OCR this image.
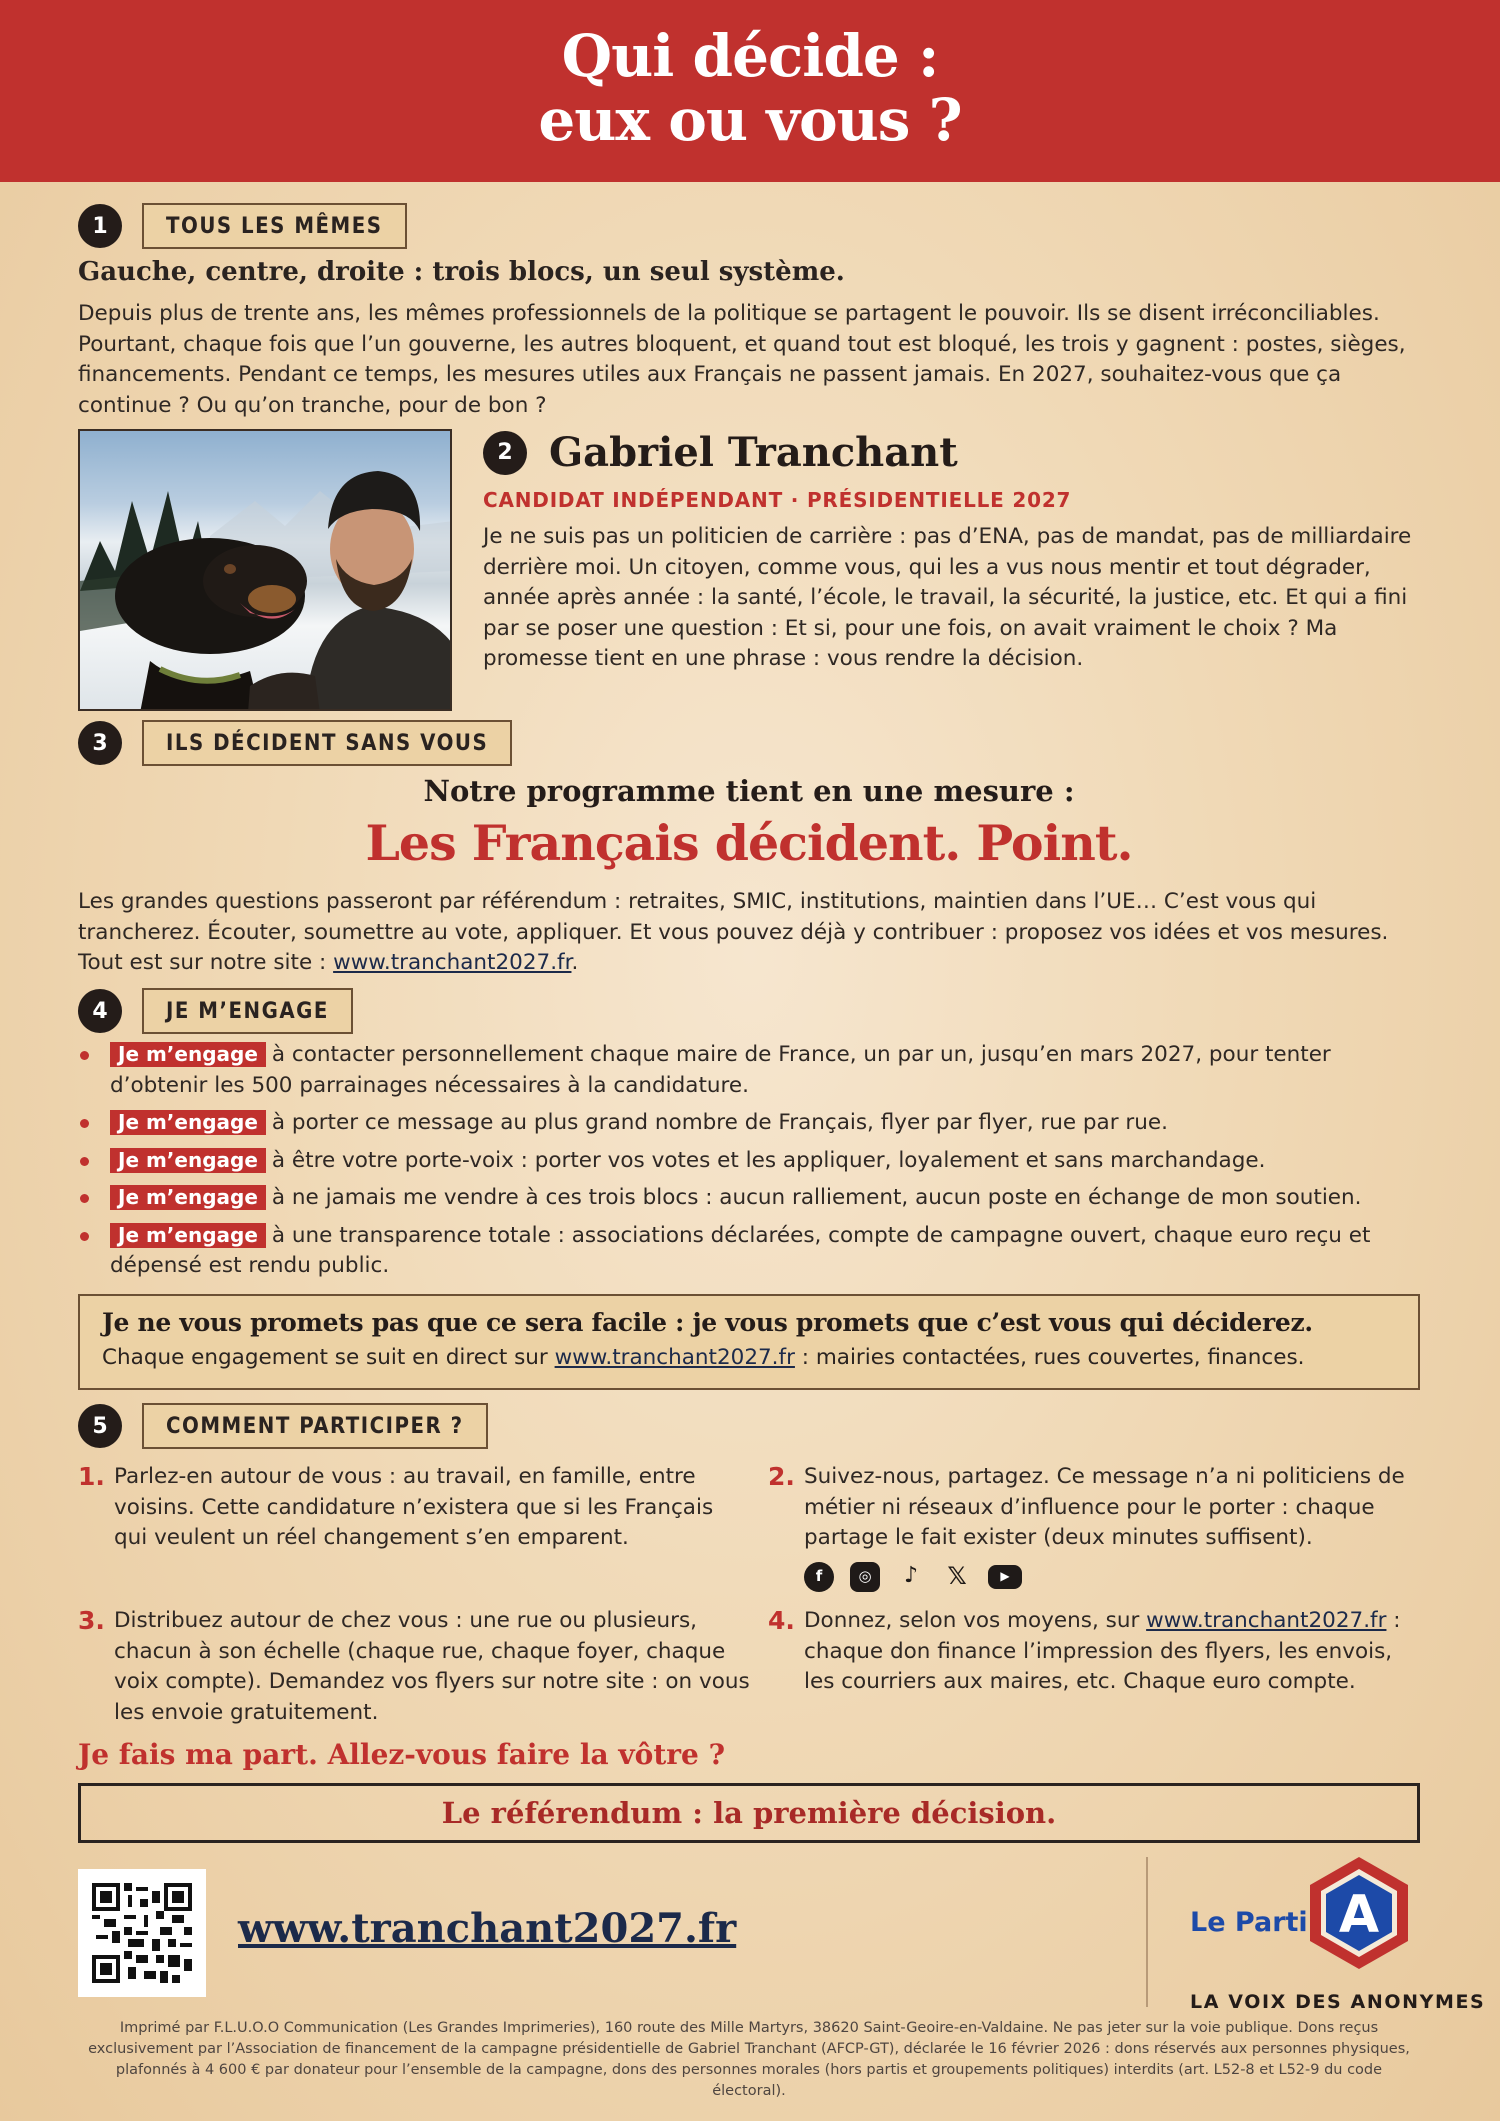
Qui décide :
eux ou vous ?
1	TOUS LES MÊMES
Gauche, centre, droite : trois blocs, un seul système.

Depuis plus de trente ans, les mêmes professionnels de la politique se partagent le pouvoir. Ils se disent irréconciliables. Pourtant, chaque fois que l’un gouverne, les autres bloquent, et quand tout est bloqué, les trois y gagnent : postes, sièges, financements. Pendant ce temps, les mesures utiles aux Français ne passent jamais. En 2027, souhaitez-vous que ça continue ? Ou qu’on tranche, pour de bon ?

2 Gabriel Tranchant
CANDIDAT INDÉPENDANT · PRÉSIDENTIELLE 2027

Je ne suis pas un politicien de carrière : pas d’ENA, pas de mandat, pas de milliardaire derrière moi. Un citoyen, comme vous, qui les a vus nous mentir et tout dégrader, année après année : la santé, l’école, le travail, la sécurité, la justice, etc. Et qui a fini par se poser une question : Et si, pour une fois, on avait vraiment le choix ? Ma promesse tient en une phrase : vous rendre la décision.

3	ILS DÉCIDENT SANS VOUS
Notre programme tient en une mesure :
Les Français décident. Point.

Les grandes questions passeront par référendum : retraites, SMIC, institutions, maintien dans l’UE… C’est vous qui trancherez. Écouter, soumettre au vote, appliquer. Et vous pouvez déjà y contribuer : proposez vos idées et vos mesures. Tout est sur notre site : www.tranchant2027.fr.

4	JE M’ENGAGE
Je m’engage à contacter personnellement chaque maire de France, un par un, jusqu’en mars 2027, pour tenter d’obtenir les 500 parrainages nécessaires à la candidature.
Je m’engage à porter ce message au plus grand nombre de Français, flyer par flyer, rue par rue.
Je m’engage à être votre porte-voix : porter vos votes et les appliquer, loyalement et sans marchandage.
Je m’engage à ne jamais me vendre à ces trois blocs : aucun ralliement, aucun poste en échange de mon soutien.
Je m’engage à une transparence totale : associations déclarées, compte de campagne ouvert, chaque euro reçu et dépensé est rendu public.
Je ne vous promets pas que ce sera facile : je vous promets que c’est vous qui déciderez.
Chaque engagement se suit en direct sur www.tranchant2027.fr : mairies contactées, rues couvertes, finances.
5	COMMENT PARTICIPER ?
1. Parlez-en autour de vous : au travail, en famille, entre voisins. Cette candidature n’existera que si les Français qui veulent un réel changement s’en emparent.
2. Suivez-nous, partagez. Ce message n’a ni politiciens de métier ni réseaux d’influence pour le porter : chaque partage le fait exister (deux minutes suffisent).
f	◎	♪	𝕏	▶
3. Distribuez autour de chez vous : une rue ou plusieurs, chacun à son échelle (chaque rue, chaque foyer, chaque voix compte). Demandez vos flyers sur notre site : on vous les envoie gratuitement.
4. Donnez, selon vos moyens, sur www.tranchant2027.fr : chaque don finance l’impression des flyers, les envois, les courriers aux maires, etc. Chaque euro compte.
Je fais ma part. Allez-vous faire la vôtre ?
Le référendum : la première décision.
www.tranchant2027.fr	Le Parti A
LA VOIX DES ANONYMES

Imprimé par F.L.U.O.O Communication (Les Grandes Imprimeries), 160 route des Mille Martyrs, 38620 Saint-Geoire-en-Valdaine. Ne pas jeter sur la voie publique. Dons reçus exclusivement par l’Association de financement de la campagne présidentielle de Gabriel Tranchant (AFCP-GT), déclarée le 16 février 2026 : dons réservés aux personnes physiques, plafonnés à 4 600 € par donateur pour l’ensemble de la campagne, dons des personnes morales (hors partis et groupements politiques) interdits (art. L52-8 et L52-9 du code électoral).
